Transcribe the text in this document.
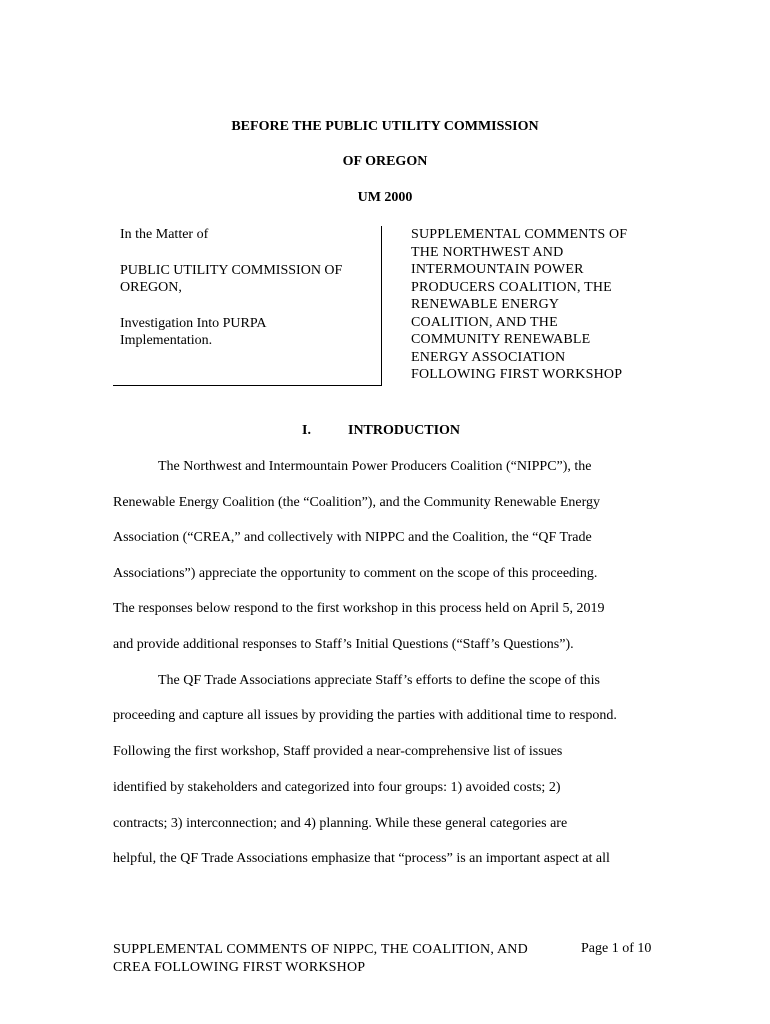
BEFORE THE PUBLIC UTILITY COMMISSION
OF OREGON
UM 2000

In the Matter of

PUBLIC UTILITY COMMISSION OF

OREGON,

Investigation Into PURPA

Implementation.

SUPPLEMENTAL COMMENTS OF
THE NORTHWEST AND
INTERMOUNTAIN POWER
PRODUCERS COALITION, THE
RENEWABLE ENERGY
COALITION, AND THE
COMMUNITY RENEWABLE
ENERGY ASSOCIATION
FOLLOWING FIRST WORKSHOP
I.	INTRODUCTION
The Northwest and Intermountain Power Producers Coalition (“NIPPC”), the
Renewable Energy Coalition (the “Coalition”), and the Community Renewable Energy
Association (“CREA,” and collectively with NIPPC and the Coalition, the “QF Trade
Associations”) appreciate the opportunity to comment on the scope of this proceeding.
The responses below respond to the first workshop in this process held on April 5, 2019
and provide additional responses to Staff’s Initial Questions (“Staff’s Questions”).
The QF Trade Associations appreciate Staff’s efforts to define the scope of this
proceeding and capture all issues by providing the parties with additional time to respond.
Following the first workshop, Staff provided a near-comprehensive list of issues
identified by stakeholders and categorized into four groups: 1) avoided costs; 2)
contracts; 3) interconnection; and 4) planning. While these general categories are
helpful, the QF Trade Associations emphasize that “process” is an important aspect at all
SUPPLEMENTAL COMMENTS OF NIPPC, THE COALITION, AND
CREA FOLLOWING FIRST WORKSHOP
Page 1 of 10
